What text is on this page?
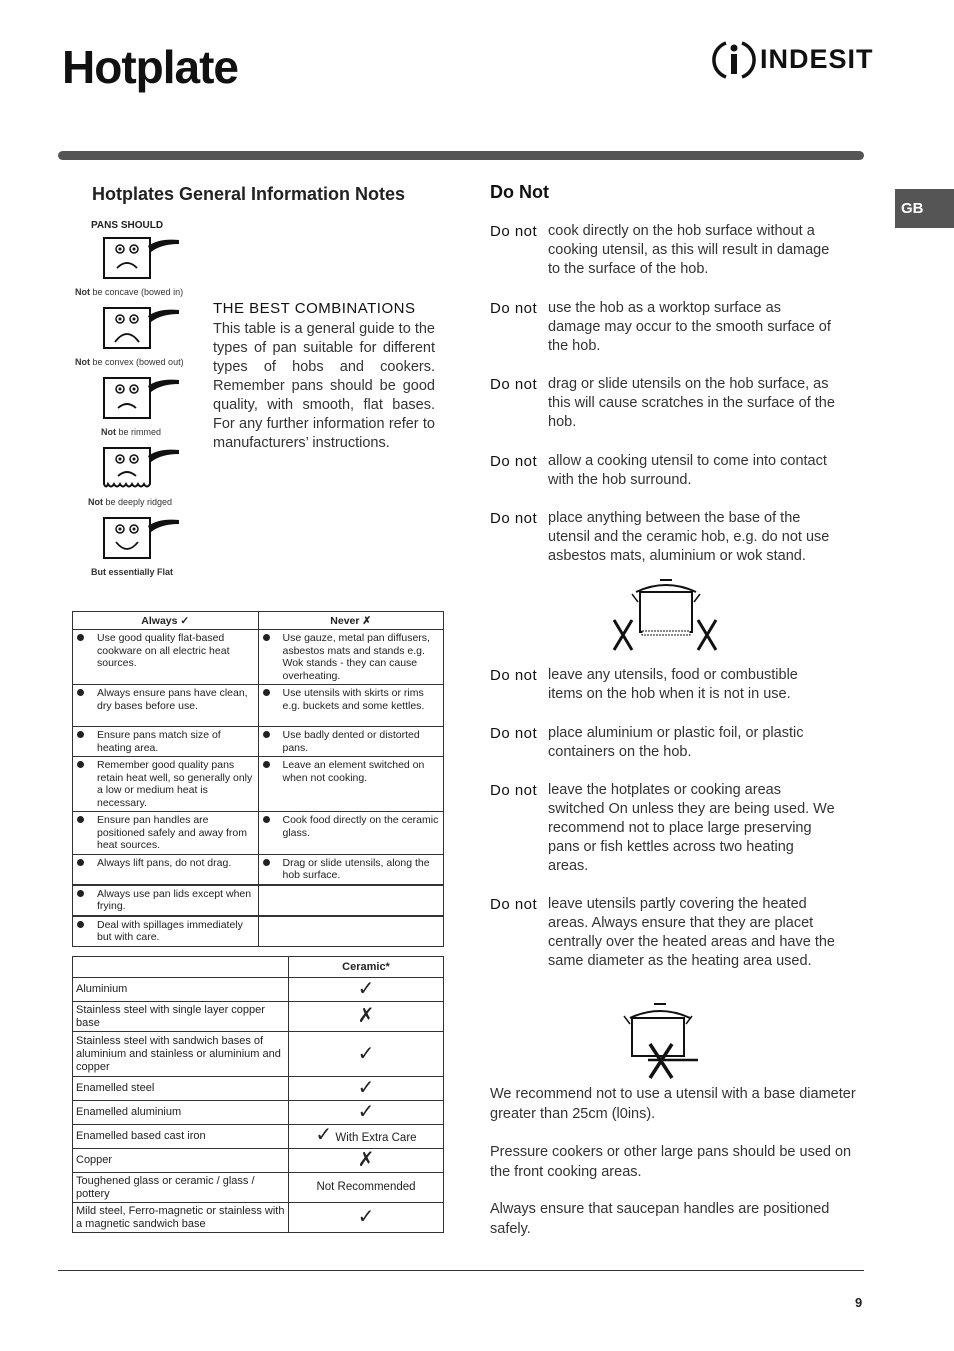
Hotplate	INDESIT
GB
Hotplates General Information Notes
PANS SHOULD
Not be concave (bowed in)
Not be convex (bowed out)
Not be rimmed
Not be deeply ridged
But essentially Flat
THE BEST COMBINATIONS
This table is a general guide to the types of pan suitable for different types of hobs and cookers. Remember pans should be good quality, with smooth, flat bases. For any further information refer to manufacturers’ instructions.
Always ✓	Never ✗

Use good quality flat-based cookware on all electric heat sources.	Use gauze, metal pan diffusers, asbestos mats and stands e.g. Wok stands - they can cause overheating.

Always ensure pans have clean, dry bases before use.	Use utensils with skirts or rims e.g. buckets and some kettles.

Ensure pans match size of heating area.	Use badly dented or distorted pans.

Remember good quality pans retain heat well, so generally only a low or medium heat is necessary.	Leave an element switched on when not cooking.

Ensure pan handles are positioned safely and away from heat sources.	Cook food directly on the ceramic glass.

Always lift pans, do not drag.	Drag or slide utensils, along the hob surface.

Always use pan lids except when frying.	

Deal with spillages immediately but with care.	
	Ceramic*
Aluminium	✓
Stainless steel with single layer copper base	✗
Stainless steel with sandwich bases of aluminium and stainless or aluminium and copper	✓
Enamelled steel	✓
Enamelled aluminium	✓
Enamelled based cast iron	✓ With Extra Care
Copper	✗
Toughened glass or ceramic / glass / pottery	Not Recommended
Mild steel, Ferro-magnetic or stainless with a magnetic sandwich base	✓
Do Not
Do not cook directly on the hob surface without a cooking utensil, as this will result in damage to the surface of the hob.
Do not use the hob as a worktop surface as damage may occur to the smooth surface of the hob.
Do not drag or slide utensils on the hob surface, as this will cause scratches in the surface of the hob.
Do not allow a cooking utensil to come into contact with the hob surround.
Do not place anything between the base of the utensil and the ceramic hob, e.g. do not use asbestos mats, aluminium or wok stand.
Do not leave any utensils, food or combustible items on the hob when it is not in use.
Do not place aluminium or plastic foil, or plastic containers on the hob.
Do not leave the hotplates or cooking areas switched On unless they are being used. We recommend not to place large preserving pans or fish kettles across two heating areas.
Do not leave utensils partly covering the heated areas. Always ensure that they are placet centrally over the heated areas and have the same diameter as the heating area used.
We recommend not to use a utensil with a base diameter greater than 25cm (l0ins).
Pressure cookers or other large pans should be used on the front cooking areas.
Always ensure that saucepan handles are positioned safely.
9
